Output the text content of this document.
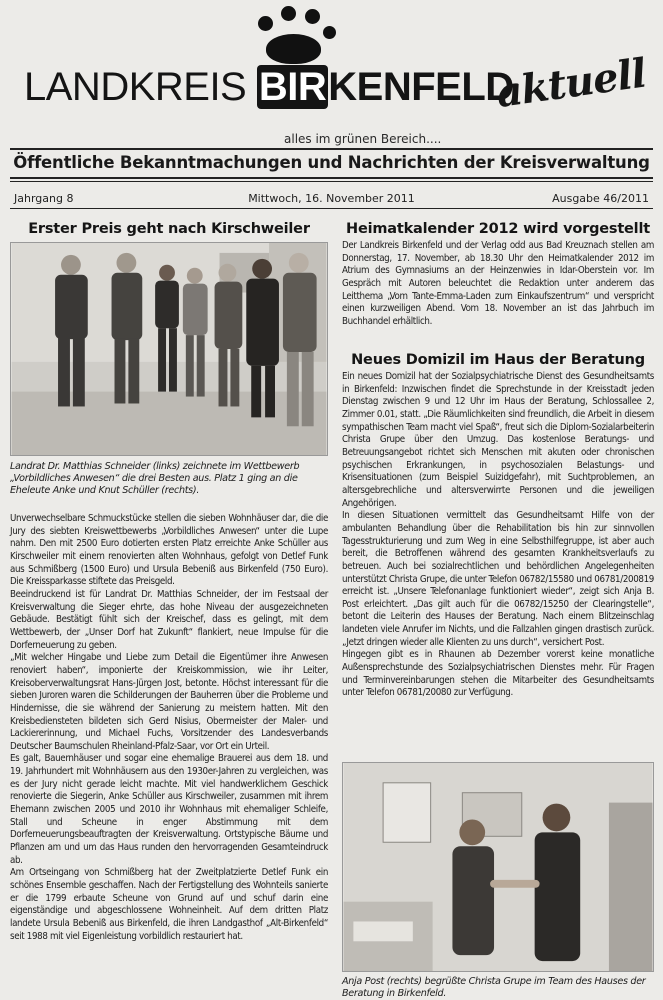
LANDKREIS BIRKENFELD
aktuell
alles im grünen Bereich....
Öffentliche Bekanntmachungen und Nachrichten der Kreisverwaltung
Jahrgang 8	Mittwoch, 16. November 2011	Ausgabe 46/2011
Erster Preis geht nach Kirschweiler
Landrat Dr. Matthias Schneider (links) zeichnete im Wettbewerb „Vorbildliches Anwesen“ die drei Besten aus. Platz 1 ging an die Eheleute Anke und Knut Schüller (rechts).

Unverwechselbare Schmuckstücke stellen die sieben Wohnhäuser dar, die die Jury des siebten Kreiswettbewerbs „Vorbildliches Anwesen“ unter die Lupe nahm. Den mit 2500 Euro dotierten ersten Platz erreichte Anke Schüller aus Kirschweiler mit einem renovierten alten Wohnhaus, gefolgt von Detlef Funk aus Schmißberg (1500 Euro) und Ursula Bebeniß aus Birkenfeld (750 Euro). Die Kreissparkasse stiftete das Preisgeld.

Beeindruckend ist für Landrat Dr. Matthias Schneider, der im Festsaal der Kreisverwaltung die Sieger ehrte, das hohe Niveau der ausgezeichneten Gebäude. Bestätigt fühlt sich der Kreischef, dass es gelingt, mit dem Wettbewerb, der „Unser Dorf hat Zukunft“ flankiert, neue Impulse für die Dorferneuerung zu geben.

„Mit welcher Hingabe und Liebe zum Detail die Eigentümer ihre Anwesen renoviert haben“, imponierte der Kreiskommission, wie ihr Leiter, Kreisoberverwaltungsrat Hans-Jürgen Jost, betonte. Höchst interessant für die sieben Juroren waren die Schilderungen der Bauherren über die Probleme und Hindernisse, die sie während der Sanierung zu meistern hatten. Mit den Kreisbediensteten bildeten sich Gerd Nisius, Obermeister der Maler- und Lackiererinnung, und Michael Fuchs, Vorsitzender des Landesverbands Deutscher Baumschulen Rheinland-Pfalz-Saar, vor Ort ein Urteil.

Es galt, Bauernhäuser und sogar eine ehemalige Brauerei aus dem 18. und 19. Jahrhundert mit Wohnhäusern aus den 1930er-Jahren zu vergleichen, was es der Jury nicht gerade leicht machte. Mit viel handwerklichem Geschick renovierte die Siegerin, Anke Schüller aus Kirschweiler, zusammen mit ihrem Ehemann zwischen 2005 und 2010 ihr Wohnhaus mit ehemaliger Schleife, Stall und Scheune in enger Abstimmung mit dem Dorferneuerungsbeauftragten der Kreisverwaltung. Ortstypische Bäume und Pflanzen am und um das Haus runden den hervorragenden Gesamteindruck ab.

Am Ortseingang von Schmißberg hat der Zweitplatzierte Detlef Funk ein schönes Ensemble geschaffen. Nach der Fertigstellung des Wohnteils sanierte er die 1799 erbaute Scheune von Grund auf und schuf darin eine eigenständige und abgeschlossene Wohneinheit. Auf dem dritten Platz landete Ursula Bebeniß aus Birkenfeld, die ihren Landgasthof „Alt-Birkenfeld“ seit 1988 mit viel Eigenleistung vorbildlich restauriert hat.

Heimatkalender 2012 wird vorgestellt

Der Landkreis Birkenfeld und der Verlag odd aus Bad Kreuznach stellen am Donnerstag, 17. November, ab 18.30 Uhr den Heimatkalender 2012 im Atrium des Gymnasiums an der Heinzenwies in Idar-Oberstein vor. Im Gespräch mit Autoren beleuchtet die Redaktion unter anderem das Leitthema „Vom Tante-Emma-Laden zum Einkaufszentrum“ und verspricht einen kurzweiligen Abend. Vom 18. November an ist das Jahrbuch im Buchhandel erhältlich.

Neues Domizil im Haus der Beratung

Ein neues Domizil hat der Sozialpsychiatrische Dienst des Gesundheitsamts in Birkenfeld: Inzwischen findet die Sprechstunde in der Kreisstadt jeden Dienstag zwischen 9 und 12 Uhr im Haus der Beratung, Schlossallee 2, Zimmer 0.01, statt. „Die Räumlichkeiten sind freundlich, die Arbeit in diesem sympathischen Team macht viel Spaß“, freut sich die Diplom-Sozialarbeiterin Christa Grupe über den Umzug. Das kostenlose Beratungs- und Betreuungsangebot richtet sich Menschen mit akuten oder chronischen psychischen Erkrankungen, in psychosozialen Belastungs- und Krisensituationen (zum Beispiel Suizidgefahr), mit Suchtproblemen, an altersgebrechliche und altersverwirrte Personen und die jeweiligen Angehörigen.

In diesen Situationen vermittelt das Gesundheitsamt Hilfe von der ambulanten Behandlung über die Rehabilitation bis hin zur sinnvollen Tagesstrukturierung und zum Weg in eine Selbsthilfegruppe, ist aber auch bereit, die Betroffenen während des gesamten Krankheitsverlaufs zu betreuen. Auch bei sozialrechtlichen und behördlichen Angelegenheiten unterstützt Christa Grupe, die unter Telefon 06782/15580 und 06781/200819 erreicht ist. „Unsere Telefonanlage funktioniert wieder“, zeigt sich Anja B. Post erleichtert. „Das gilt auch für die 06782/15250 der Clearingstelle“, betont die Leiterin des Hauses der Beratung. Nach einem Blitzeinschlag landeten viele Anrufer im Nichts, und die Fallzahlen gingen drastisch zurück. „Jetzt dringen wieder alle Klienten zu uns durch“, versichert Post.

Hingegen gibt es in Rhaunen ab Dezember vorerst keine monatliche Außensprechstunde des Sozialpsychiatrischen Dienstes mehr. Für Fragen und Terminvereinbarungen stehen die Mitarbeiter des Gesundheitsamts unter Telefon 06781/20080 zur Verfügung.

Anja Post (rechts) begrüßte Christa Grupe im Team des Hauses der Beratung in Birkenfeld.
